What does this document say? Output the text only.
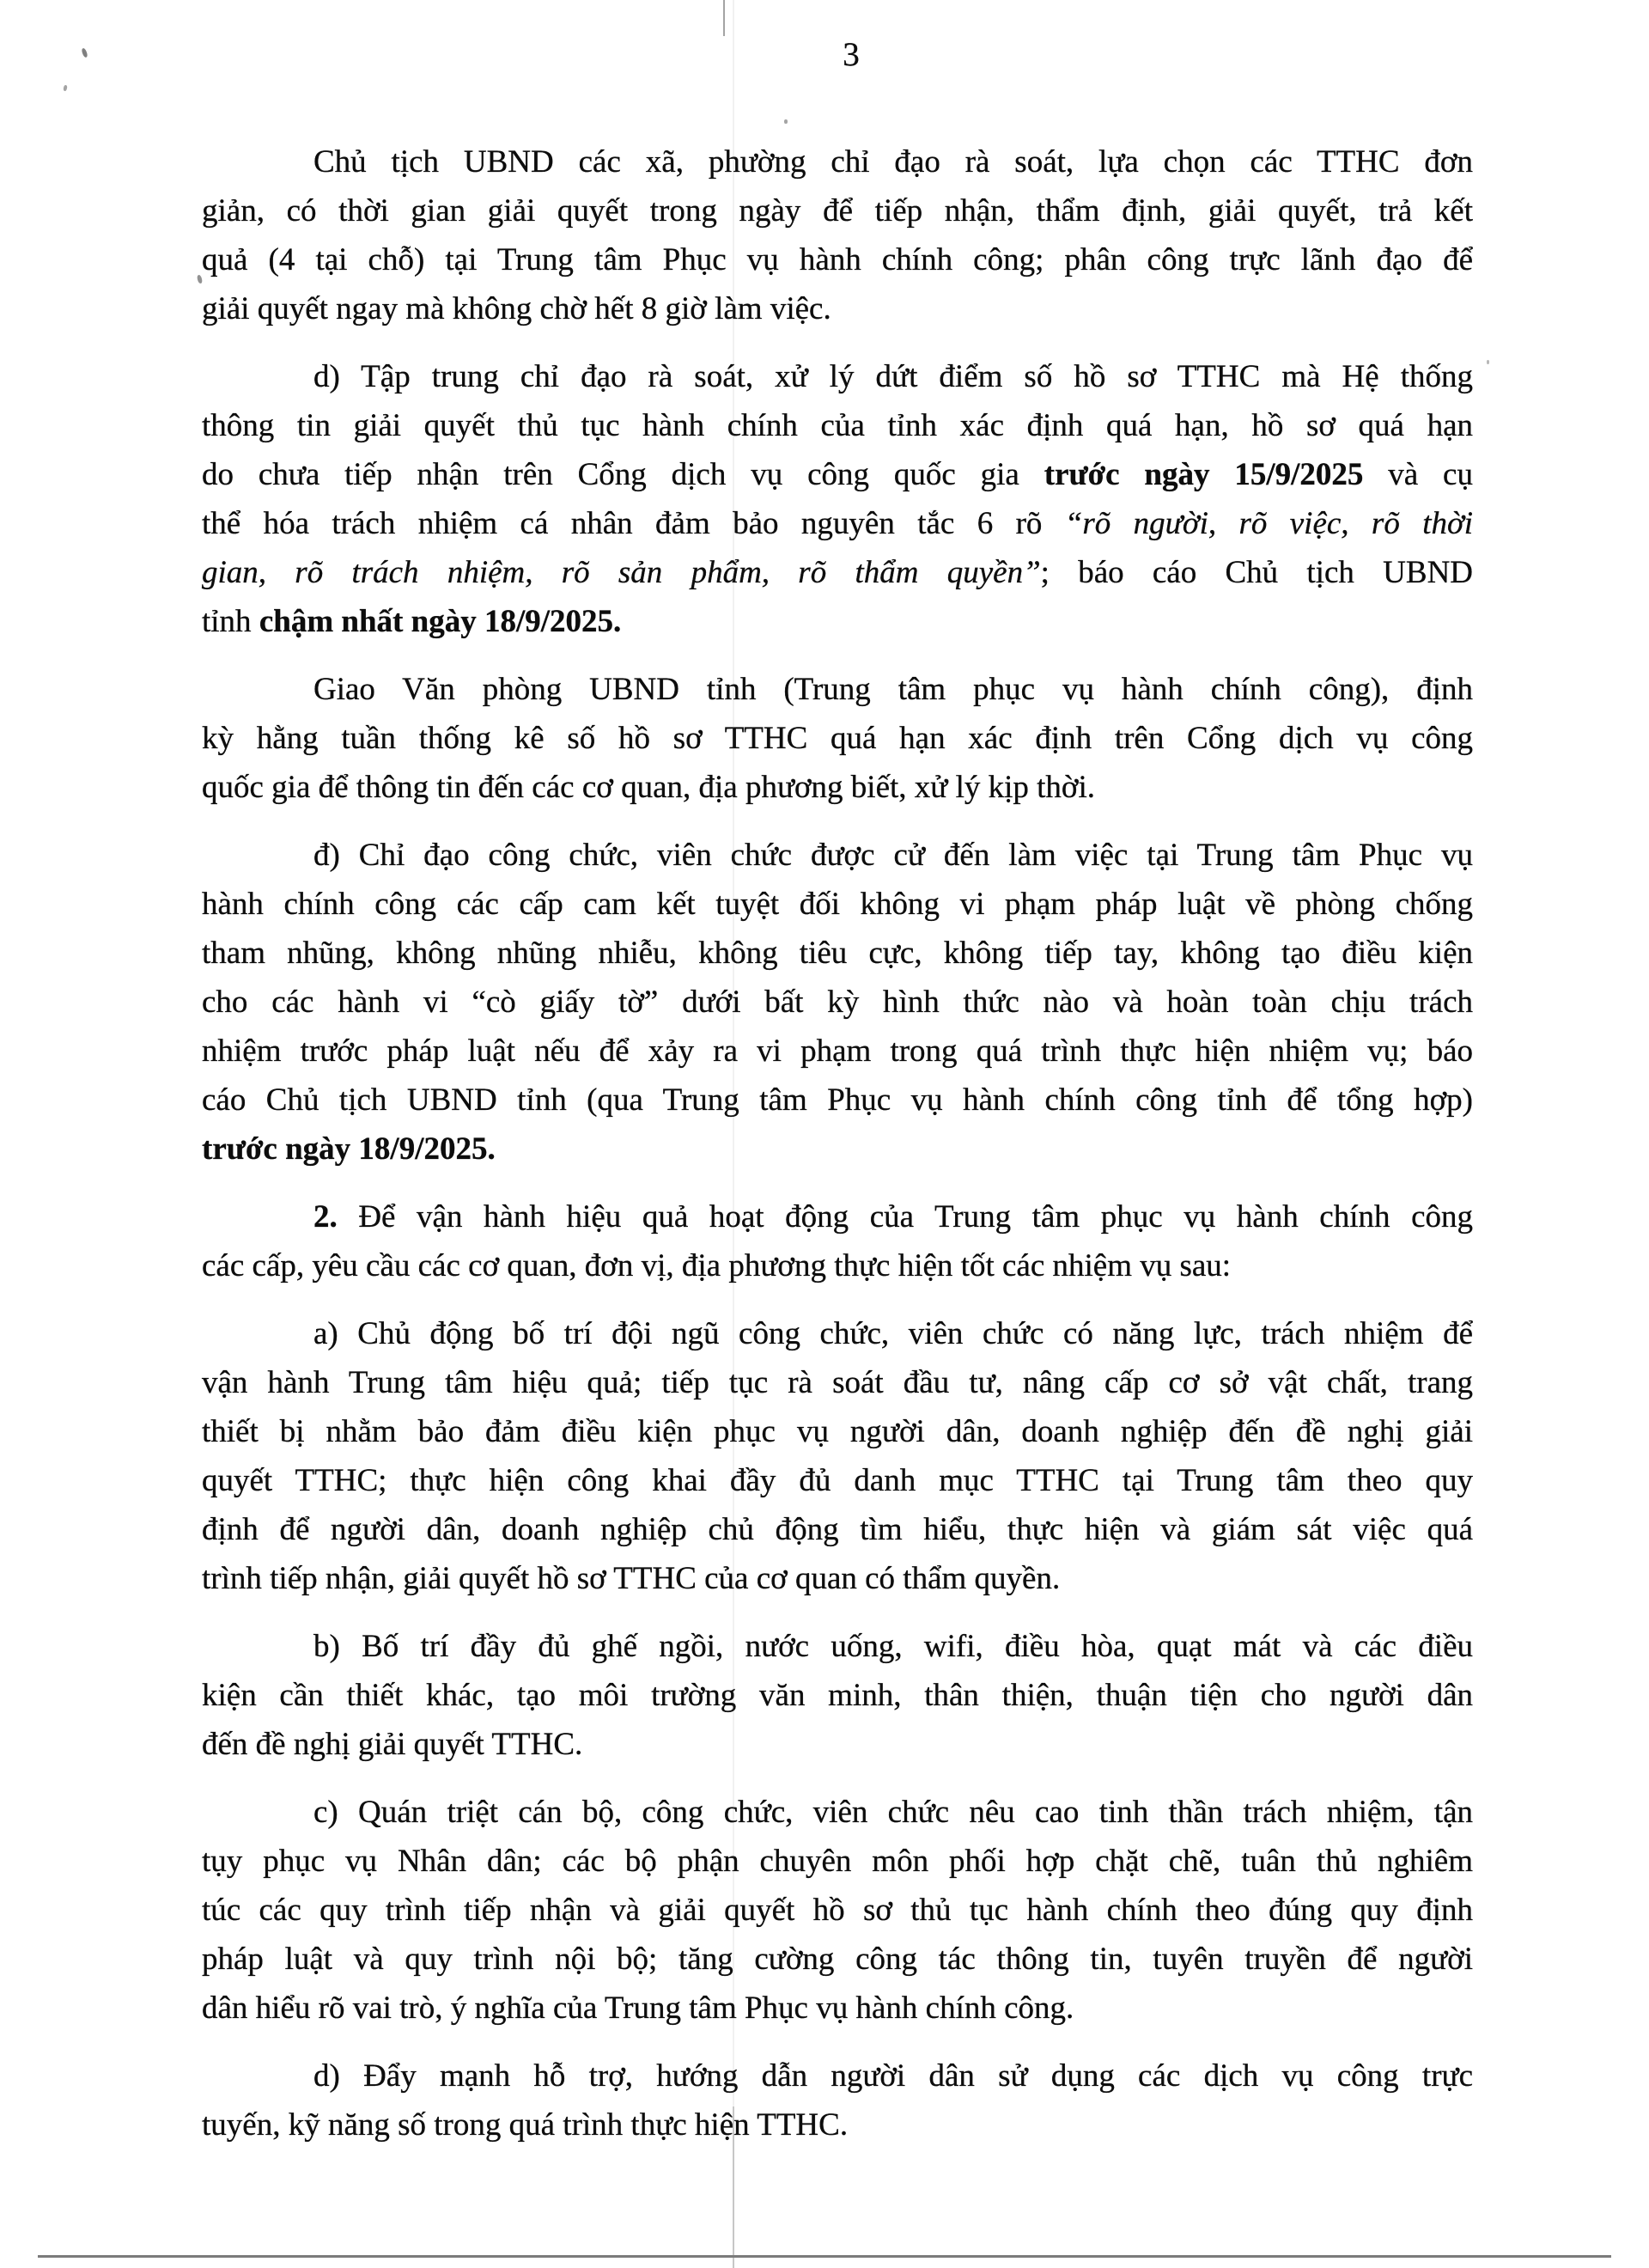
3
Chủ tịch UBND các xã, phường chỉ đạo rà soát, lựa chọn các TTHC đơn
giản, có thời gian giải quyết trong ngày để tiếp nhận, thẩm định, giải quyết, trả kết
quả (4 tại chỗ) tại Trung tâm Phục vụ hành chính công; phân công trực lãnh đạo để
giải quyết ngay mà không chờ hết 8 giờ làm việc.
d) Tập trung chỉ đạo rà soát, xử lý dứt điểm số hồ sơ TTHC mà Hệ thống
thông tin giải quyết thủ tục hành chính của tỉnh xác định quá hạn, hồ sơ quá hạn
do chưa tiếp nhận trên Cổng dịch vụ công quốc gia trước ngày 15/9/2025 và cụ
thể hóa trách nhiệm cá nhân đảm bảo nguyên tắc 6 rõ “rõ người, rõ việc, rõ thời
gian, rõ trách nhiệm, rõ sản phẩm, rõ thẩm quyền”; báo cáo Chủ tịch UBND
tỉnh chậm nhất ngày 18/9/2025.
Giao Văn phòng UBND tỉnh (Trung tâm phục vụ hành chính công), định
kỳ hằng tuần thống kê số hồ sơ TTHC quá hạn xác định trên Cổng dịch vụ công
quốc gia để thông tin đến các cơ quan, địa phương biết, xử lý kịp thời.
đ) Chỉ đạo công chức, viên chức được cử đến làm việc tại Trung tâm Phục vụ
hành chính công các cấp cam kết tuyệt đối không vi phạm pháp luật về phòng chống
tham nhũng, không nhũng nhiễu, không tiêu cực, không tiếp tay, không tạo điều kiện
cho các hành vi “cò giấy tờ” dưới bất kỳ hình thức nào và hoàn toàn chịu trách
nhiệm trước pháp luật nếu để xảy ra vi phạm trong quá trình thực hiện nhiệm vụ; báo
cáo Chủ tịch UBND tỉnh (qua Trung tâm Phục vụ hành chính công tỉnh để tổng hợp)
trước ngày 18/9/2025.
2. Để vận hành hiệu quả hoạt động của Trung tâm phục vụ hành chính công
các cấp, yêu cầu các cơ quan, đơn vị, địa phương thực hiện tốt các nhiệm vụ sau:
a) Chủ động bố trí đội ngũ công chức, viên chức có năng lực, trách nhiệm để
vận hành Trung tâm hiệu quả; tiếp tục rà soát đầu tư, nâng cấp cơ sở vật chất, trang
thiết bị nhằm bảo đảm điều kiện phục vụ người dân, doanh nghiệp đến đề nghị giải
quyết TTHC; thực hiện công khai đầy đủ danh mục TTHC tại Trung tâm theo quy
định để người dân, doanh nghiệp chủ động tìm hiểu, thực hiện và giám sát việc quá
trình tiếp nhận, giải quyết hồ sơ TTHC của cơ quan có thẩm quyền.
b) Bố trí đầy đủ ghế ngồi, nước uống, wifi, điều hòa, quạt mát và các điều
kiện cần thiết khác, tạo môi trường văn minh, thân thiện, thuận tiện cho người dân
đến đề nghị giải quyết TTHC.
c) Quán triệt cán bộ, công chức, viên chức nêu cao tinh thần trách nhiệm, tận
tụy phục vụ Nhân dân; các bộ phận chuyên môn phối hợp chặt chẽ, tuân thủ nghiêm
túc các quy trình tiếp nhận và giải quyết hồ sơ thủ tục hành chính theo đúng quy định
pháp luật và quy trình nội bộ; tăng cường công tác thông tin, tuyên truyền để người
dân hiểu rõ vai trò, ý nghĩa của Trung tâm Phục vụ hành chính công.
d) Đẩy mạnh hỗ trợ, hướng dẫn người dân sử dụng các dịch vụ công trực
tuyến, kỹ năng số trong quá trình thực hiện TTHC.
